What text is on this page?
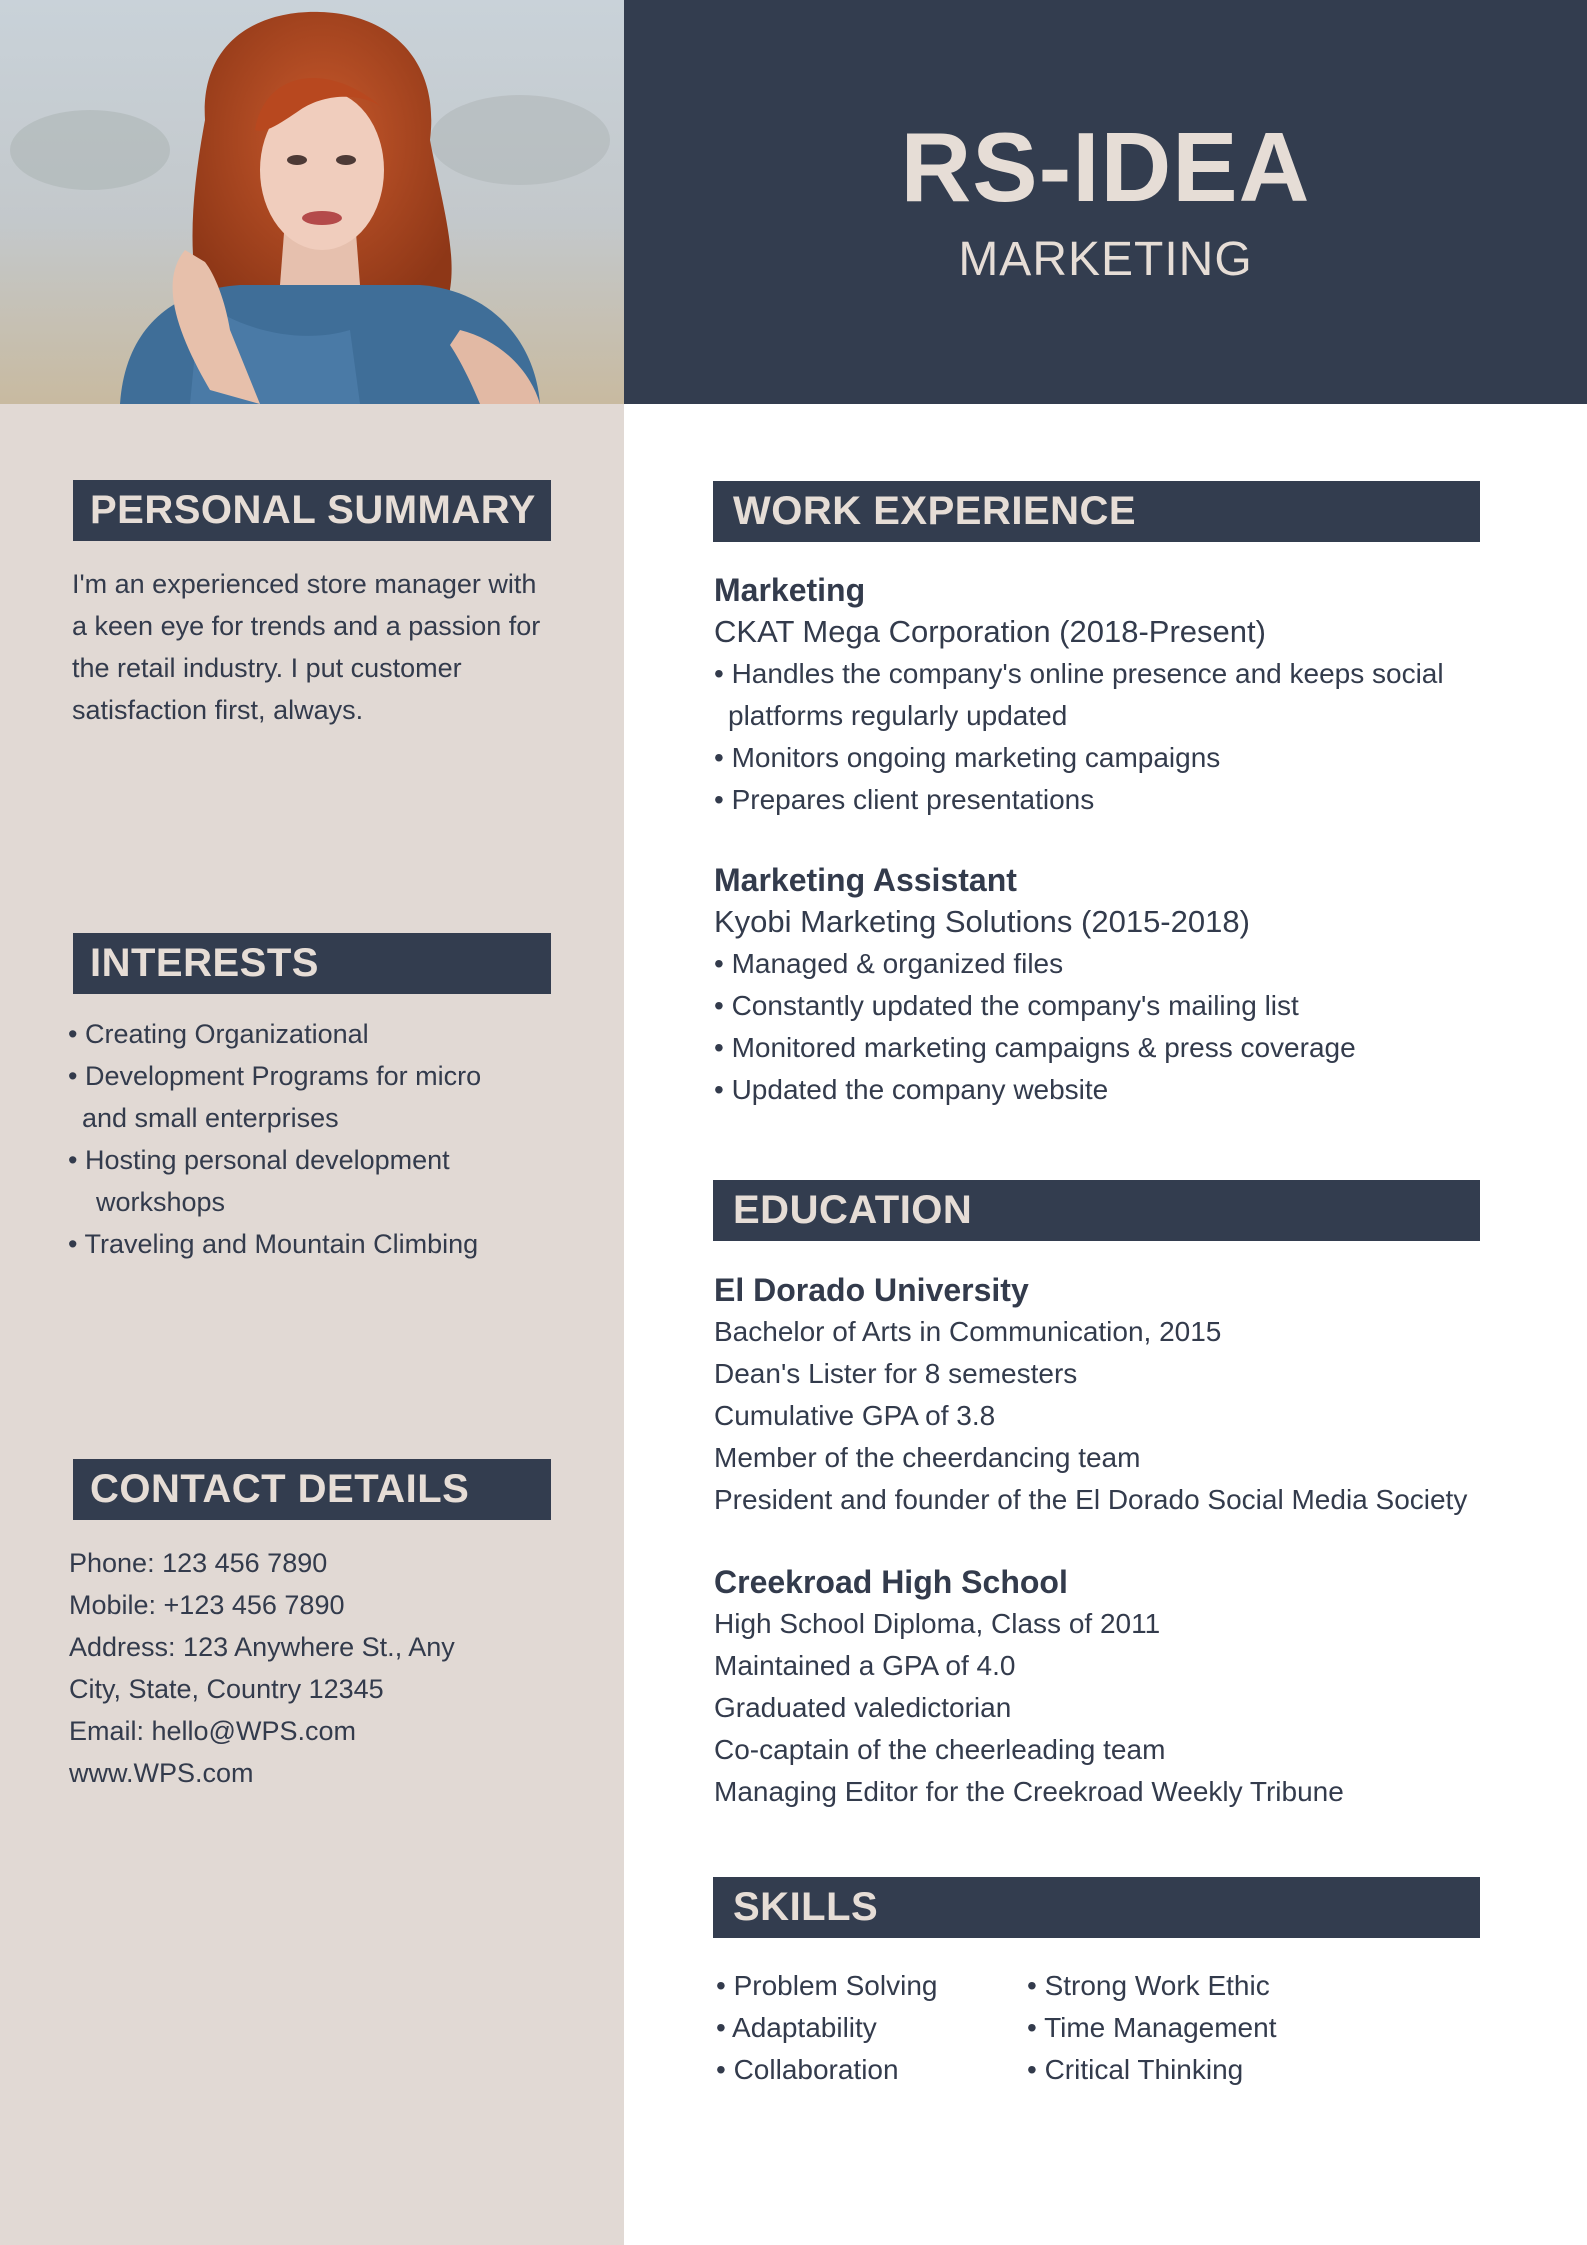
RS-IDEA
MARKETING
PERSONAL SUMMARY
I'm an experienced store manager with
a keen eye for trends and a passion for
the retail industry. I put customer
satisfaction first, always.
INTERESTS
• Creating Organizational
• Development Programs for micro
and small enterprises
• Hosting personal development
workshops
• Traveling and Mountain Climbing
CONTACT DETAILS
Phone: 123 456 7890
Mobile: +123 456 7890
Address: 123 Anywhere St., Any
City, State, Country 12345
Email: hello@WPS.com
www.WPS.com
WORK EXPERIENCE
Marketing
CKAT Mega Corporation (2018-Present)
• Handles the company's online presence and keeps social
platforms regularly updated
• Monitors ongoing marketing campaigns
• Prepares client presentations
Marketing Assistant
Kyobi Marketing Solutions (2015-2018)
• Managed & organized files
• Constantly updated the company's mailing list
• Monitored marketing campaigns & press coverage
• Updated the company website
EDUCATION
El Dorado University
Bachelor of Arts in Communication, 2015
Dean's Lister for 8 semesters
Cumulative GPA of 3.8
Member of the cheerdancing team
President and founder of the El Dorado Social Media Society
Creekroad High School
High School Diploma, Class of 2011
Maintained a GPA of 4.0
Graduated valedictorian
Co-captain of the cheerleading team
Managing Editor for the Creekroad Weekly Tribune
SKILLS
• Problem Solving
• Adaptability
• Collaboration
• Strong Work Ethic
• Time Management
• Critical Thinking
